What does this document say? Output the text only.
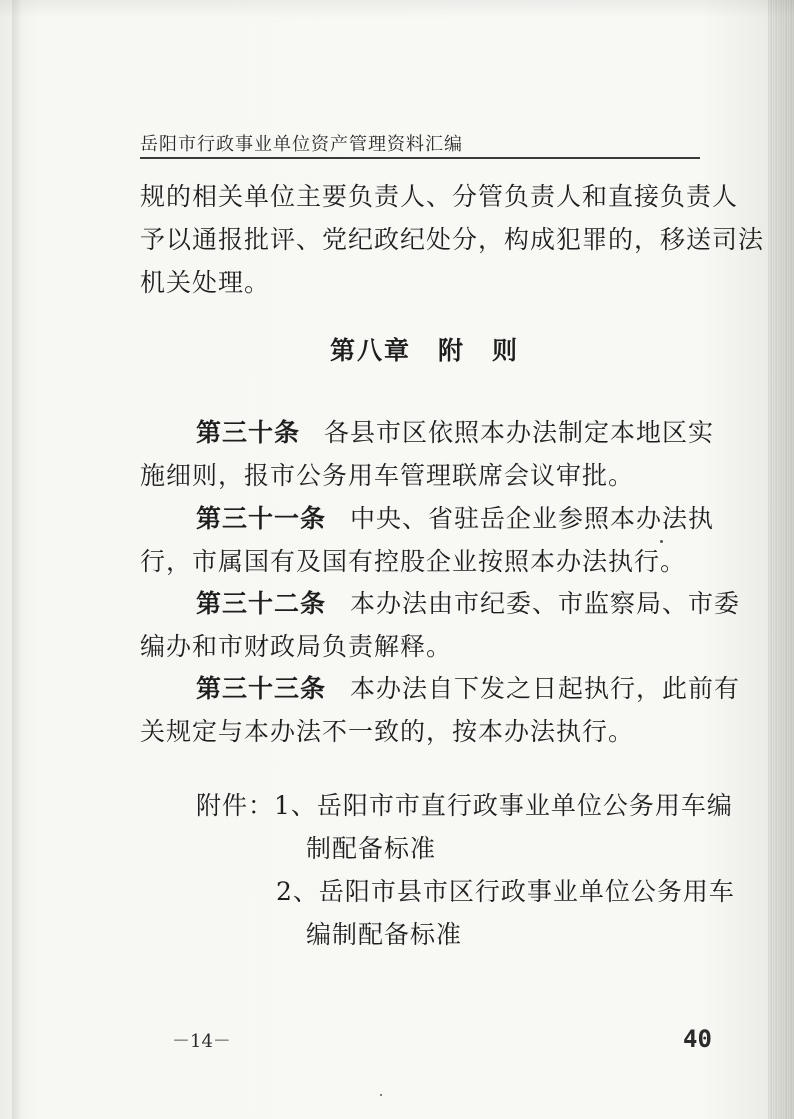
岳阳市行政事业单位资产管理资料汇编
规的相关单位主要负责人、分管负责人和直接负责人
予以通报批评、党纪政纪处分，构成犯罪的，移送司法
机关处理。
第八章　附　则
第三十条 各县市区依照本办法制定本地区实
施细则，报市公务用车管理联席会议审批。
第三十一条 中央、省驻岳企业参照本办法执
行，市属国有及国有控股企业按照本办法执行。
第三十二条 本办法由市纪委、市监察局、市委
编办和市财政局负责解释。
第三十三条 本办法自下发之日起执行，此前有
关规定与本办法不一致的，按本办法执行。
附件：1、岳阳市市直行政事业单位公务用车编
制配备标准
2、岳阳市县市区行政事业单位公务用车
编制配备标准
－14－	40
